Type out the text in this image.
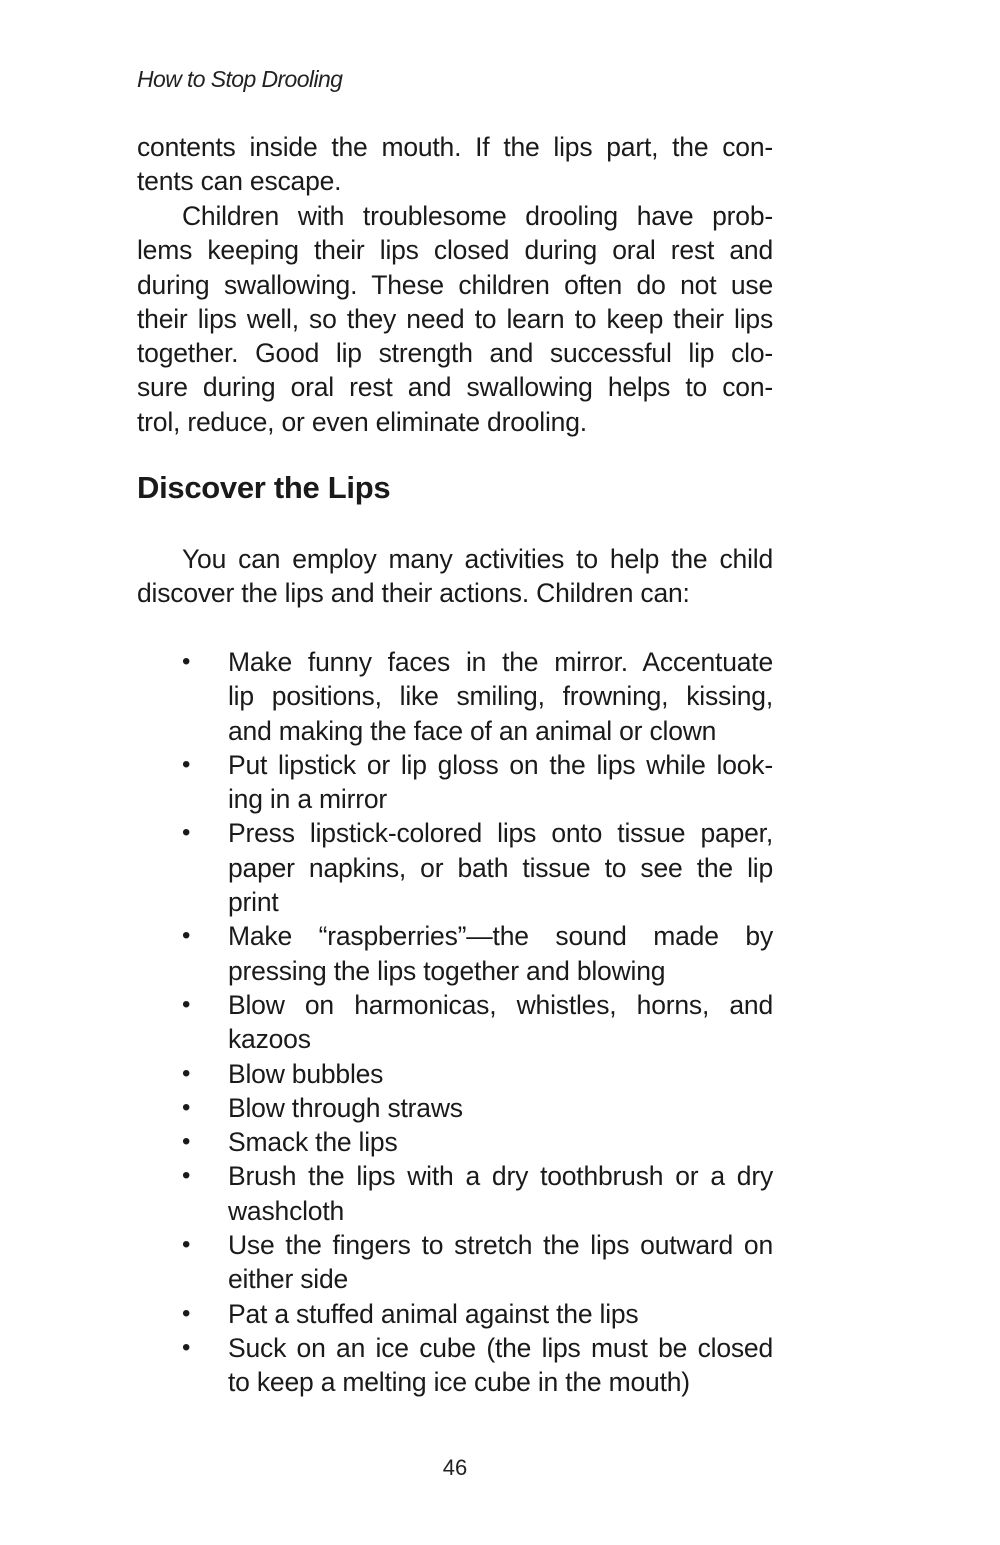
How to Stop Drooling
contents inside the mouth. If the lips part, the con-
tents can escape.
Children with troublesome drooling have prob-
lems keeping their lips closed during oral rest and
during swallowing. These children often do not use
their lips well, so they need to learn to keep their lips
together. Good lip strength and successful lip clo-
sure during oral rest and swallowing helps to con-
trol, reduce, or even eliminate drooling.
Discover the Lips
You can employ many activities to help the child
discover the lips and their actions. Children can:
• Make funny faces in the mirror. Accentuate
lip positions, like smiling, frowning, kissing,
and making the face of an animal or clown
• Put lipstick or lip gloss on the lips while look-
ing in a mirror
• Press lipstick-colored lips onto tissue paper,
paper napkins, or bath tissue to see the lip
print
• Make “raspberries”—the sound made by
pressing the lips together and blowing
• Blow on harmonicas, whistles, horns, and
kazoos
• Blow bubbles
• Blow through straws
• Smack the lips
• Brush the lips with a dry toothbrush or a dry
washcloth
• Use the fingers to stretch the lips outward on
either side
• Pat a stuffed animal against the lips
• Suck on an ice cube (the lips must be closed
to keep a melting ice cube in the mouth)
46
